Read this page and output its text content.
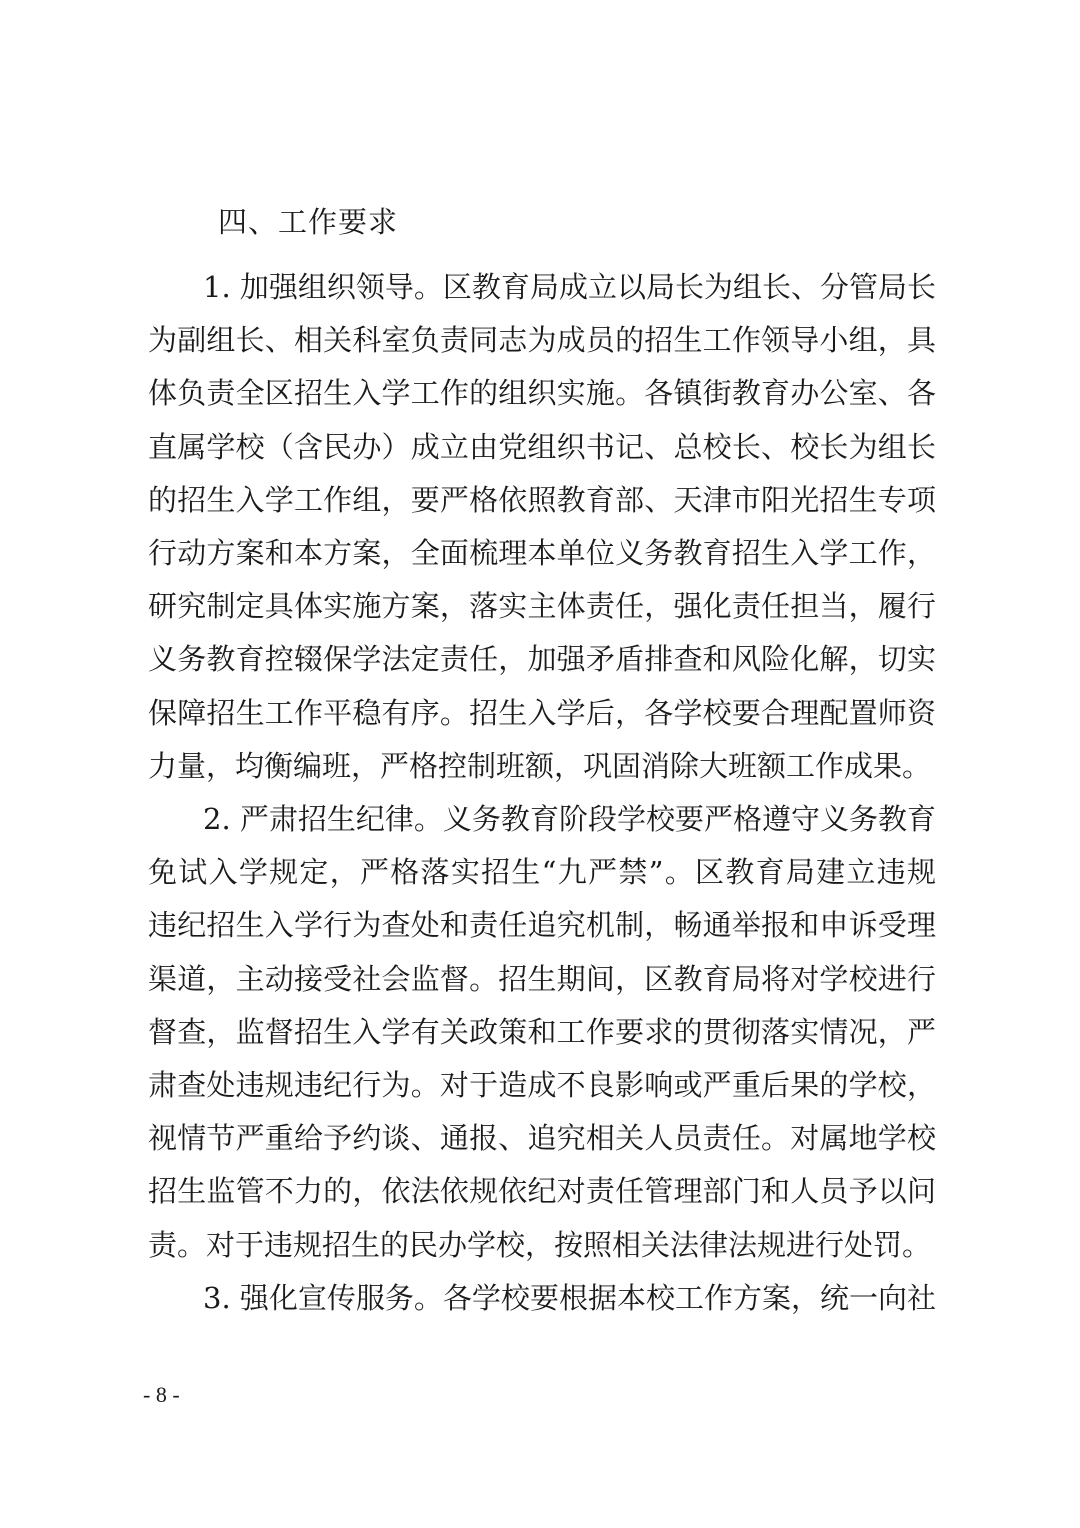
四、工作要求
1. 加强组织领导。区教育局成立以局长为组长、分管局长
为副组长、相关科室负责同志为成员的招生工作领导小组，具
体负责全区招生入学工作的组织实施。各镇街教育办公室、各
直属学校（含民办）成立由党组织书记、总校长、校长为组长
的招生入学工作组，要严格依照教育部、天津市阳光招生专项
行动方案和本方案，全面梳理本单位义务教育招生入学工作，
研究制定具体实施方案，落实主体责任，强化责任担当，履行
义务教育控辍保学法定责任，加强矛盾排查和风险化解，切实
保障招生工作平稳有序。招生入学后，各学校要合理配置师资
力量，均衡编班，严格控制班额，巩固消除大班额工作成果。
2. 严肃招生纪律。义务教育阶段学校要严格遵守义务教育
免试入学规定，严格落实招生“九严禁”。区教育局建立违规
违纪招生入学行为查处和责任追究机制，畅通举报和申诉受理
渠道，主动接受社会监督。招生期间，区教育局将对学校进行
督查，监督招生入学有关政策和工作要求的贯彻落实情况，严
肃查处违规违纪行为。对于造成不良影响或严重后果的学校，
视情节严重给予约谈、通报、追究相关人员责任。对属地学校
招生监管不力的，依法依规依纪对责任管理部门和人员予以问
责。对于违规招生的民办学校，按照相关法律法规进行处罚。
3. 强化宣传服务。各学校要根据本校工作方案，统一向社
- 8 -
